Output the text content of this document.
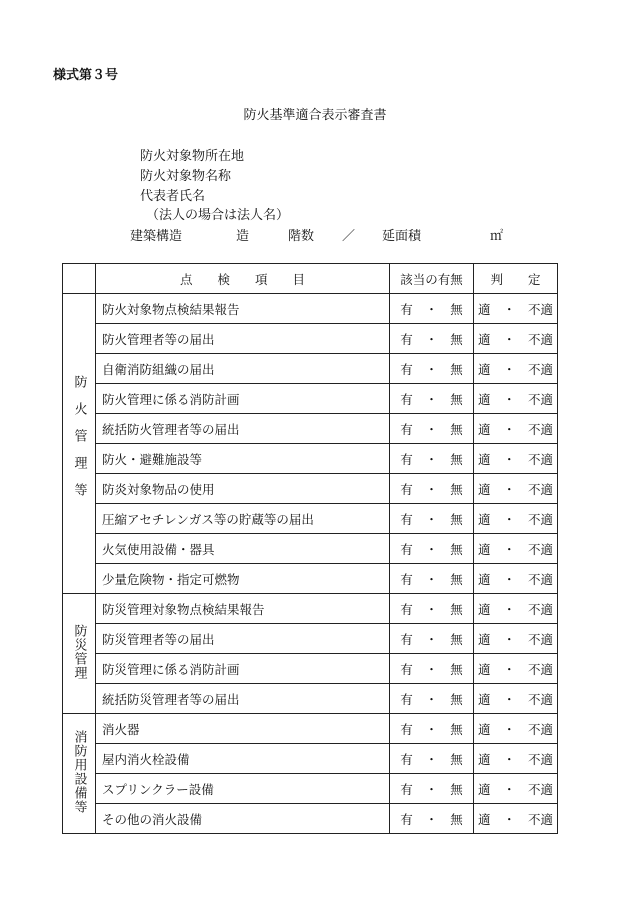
様式第３号
防火基準適合表示審査書
防火対象物所在地
防火対象物名称
代表者氏名
（法人の場合は法人名）
建築構造	造	階数 ／ 延面積	㎡
	点　　検　　項　　目	該当の有無	判　　定
防火管理等	防火対象物点検結果報告	有　・　無	適　・　不適
	防火管理者等の届出	有　・　無	適　・　不適
	自衛消防組織の届出	有　・　無	適　・　不適
	防火管理に係る消防計画	有　・　無	適　・　不適
	統括防火管理者等の届出	有　・　無	適　・　不適
	防火・避難施設等	有　・　無	適　・　不適
	防炎対象物品の使用	有　・　無	適　・　不適
	圧縮アセチレンガス等の貯蔵等の届出	有　・　無	適　・　不適
	火気使用設備・器具	有　・　無	適　・　不適
	少量危険物・指定可燃物	有　・　無	適　・　不適
防災管理	防災管理対象物点検結果報告	有　・　無	適　・　不適
	防災管理者等の届出	有　・　無	適　・　不適
	防災管理に係る消防計画	有　・　無	適　・　不適
	統括防災管理者等の届出	有　・　無	適　・　不適
消防用設備等	消火器	有　・　無	適　・　不適
	屋内消火栓設備	有　・　無	適　・　不適
	スプリンクラー設備	有　・　無	適　・　不適
	その他の消火設備	有　・　無	適　・　不適
